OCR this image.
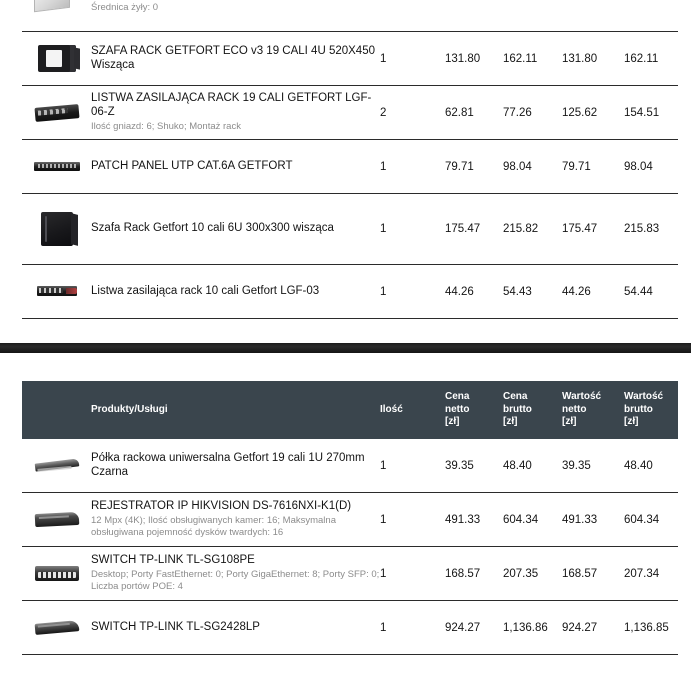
Średnica żyły: 0

	SZAFA RACK GETFORT ECO v3 19 CALI 4U 520X450 Wisząca	1	131.80	162.11	131.80	162.11

	LISTWA ZASILAJĄCA RACK 19 CALI GETFORT LGF-06-Z
Ilość gniazd: 6; Shuko; Montaż rack	2	62.81	77.26	125.62	154.51

	PATCH PANEL UTP CAT.6A GETFORT	1	79.71	98.04	79.71	98.04

	Szafa Rack Getfort 10 cali 6U 300x300 wisząca	1	175.47	215.82	175.47	215.83

	Listwa zasilająca rack 10 cali Getfort LGF-03	1	44.26	54.43	44.26	54.44
	Produkty/Usługi	Ilość	Cena
netto
[zł]	Cena
brutto
[zł]	Wartość
netto
[zł]	Wartość
brutto
[zł]

	Półka rackowa uniwersalna Getfort 19 cali 1U 270mm Czarna	1	39.35	48.40	39.35	48.40

	REJESTRATOR IP HIKVISION DS-7616NXI-K1(D)
12 Mpx (4K); Ilość obsługiwanych kamer: 16; Maksymalna obsługiwana pojemność dysków twardych: 16	1	491.33	604.34	491.33	604.34

	SWITCH TP-LINK TL-SG108PE
Desktop; Porty FastEthernet: 0; Porty GigaEthernet: 8; Porty SFP: 0; Liczba portów POE: 4	1	168.57	207.35	168.57	207.34

	SWITCH TP-LINK TL-SG2428LP	1	924.27	1,136.86	924.27	1,136.85
